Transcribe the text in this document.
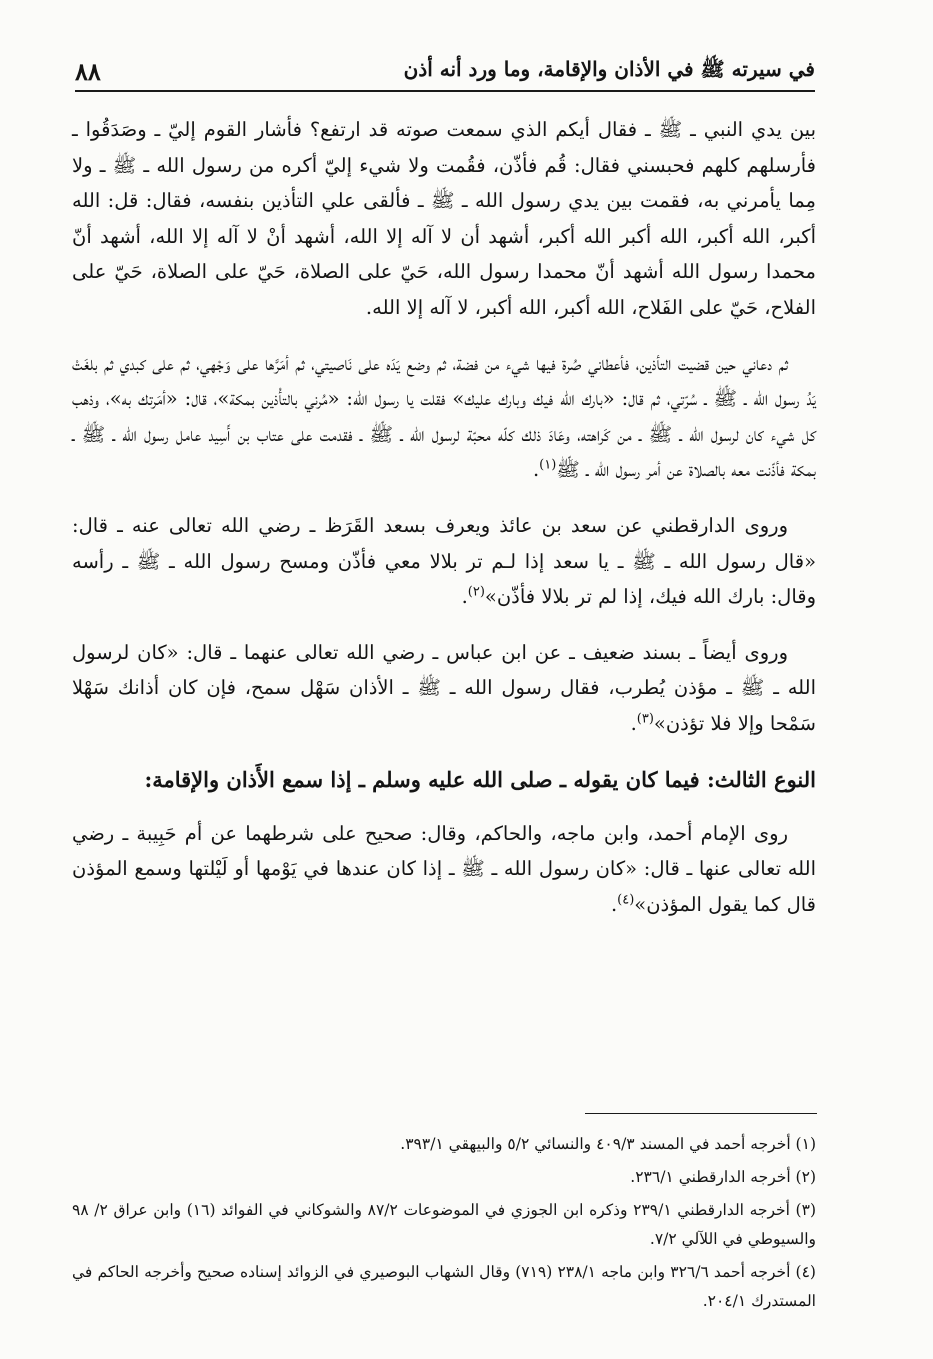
في سيرته ﷺ في الأذان والإقامة، وما ورد أنه أذن
٨٨

بين يدي النبي ـ ﷺ ـ فقال أيكم الذي سمعت صوته قد ارتفع؟ فأشار القوم إليّ ـ وصَدَقُوا ـ فأرسلهم كلهم فحبسني فقال: قُم فأذّن، فقُمت ولا شيء إليّ أكره من رسول الله ـ ﷺ ـ ولا مِما يأمرني به، فقمت بين يدي رسول الله ـ ﷺ ـ فألقى علي التأذين بنفسه، فقال: قل: الله أكبر، الله أكبر، الله أكبر الله أكبر، أشهد أن لا آله إلا الله، أشهد أنْ لا آله إلا الله، أشهد أنّ محمدا رسول الله أشهد أنّ محمدا رسول الله، حَيّ على الصلاة، حَيّ على الصلاة، حَيّ على الفلاح، حَيّ على الفَلاح، الله أكبر، الله أكبر، لا آله إلا الله.

ثم دعاني حين قضيت التأذين، فأعطاني صُرة فيها شيء من فضة، ثم وضع يَدَه على نَاصيتي، ثم أمَرَّها على وَجْهي، ثم على كبدي ثم بلغَتْ يَدُ رسول الله ـ ﷺ ـ سُرّتي، ثم قال: «بارك الله فيك وبارك عليك» فقلت يا رسول الله: «مُرني بالتأْذين بمكة»، قال: «أمَرتك به»، وذهب كل شيء كان لرسول الله ـ ﷺ ـ من كَراهته، وعَادَ ذلك كلّه محبّة لرسول الله ـ ﷺ ـ فقدمت على عتاب بن أَسِيد عامل رسول الله ـ ﷺ ـ بمكة فأذّنت معه بالصلاة عن أمر رسول الله ـ ﷺ$^{(١)}$.

وروى الدارقطني عن سعد بن عائذ ويعرف بسعد القَرَظ ـ رضي الله تعالى عنه ـ قال: «قال رسول الله ـ ﷺ ـ يا سعد إذا لـم تر بلالا معي فأذّن ومسح رسول الله ـ ﷺ ـ رأسه وقال: بارك الله فيك، إذا لم تر بلالا فأذّن»$^{(٢)}$.

وروى أيضاً ـ بسند ضعيف ـ عن ابن عباس ـ رضي الله تعالى عنهما ـ قال: «كان لرسول الله ـ ﷺ ـ مؤذن يُطرب، فقال رسول الله ـ ﷺ ـ الأذان سَهْل سمح، فإن كان أذانك سَهْلا سَمْحا وإلا فلا تؤذن»$^{(٣)}$.

النوع الثالث: فيما كان يقوله ـ صلى الله عليه وسلم ـ إذا سمع الأَذان والإقامة:

روى الإمام أحمد، وابن ماجه، والحاكم، وقال: صحيح على شرطهما عن أم حَبِيبة ـ رضي الله تعالى عنها ـ قال: «كان رسول الله ـ ﷺ ـ إذا كان عندها في يَوْمها أو لَيْلتها وسمع المؤذن قال كما يقول المؤذن»$^{(٤)}$.

(١) أخرجه أحمد في المسند ٤٠٩/٣ والنسائي ٥/٢ والبيهقي ٣٩٣/١.
(٢) أخرجه الدارقطني ٢٣٦/١.
(٣) أخرجه الدارقطني ٢٣٩/١ وذكره ابن الجوزي في الموضوعات ٨٧/٢ والشوكاني في الفوائد (١٦) وابن عراق ٢/ ٩٨ والسيوطي في اللآلي ٧/٢.
(٤) أخرجه أحمد ٣٢٦/٦ وابن ماجه ٢٣٨/١ (٧١٩) وقال الشهاب البوصيري في الزوائد إسناده صحيح وأخرجه الحاكم في المستدرك ٢٠٤/١.
